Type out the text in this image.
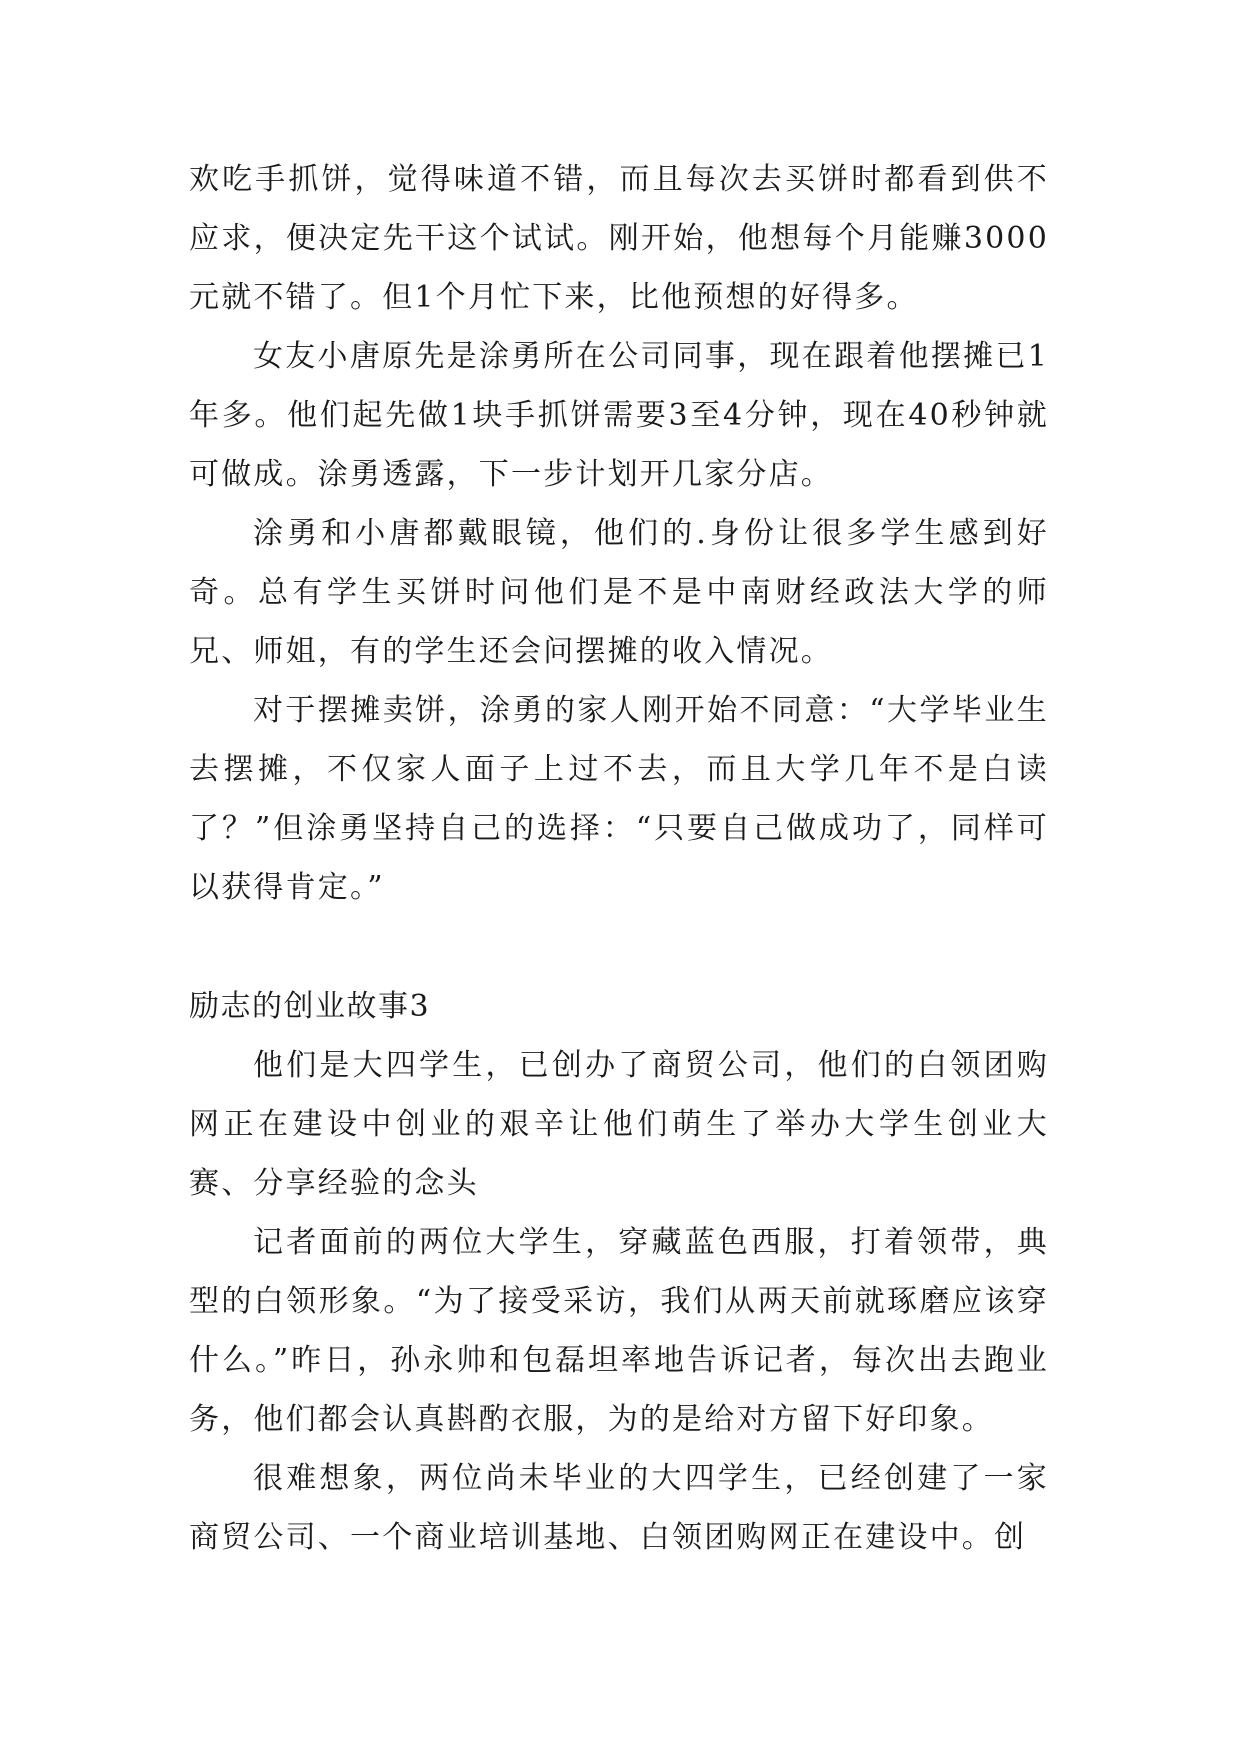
欢吃手抓饼，觉得味道不错，而且每次去买饼时都看到供不应求，便决定先干这个试试。刚开始，他想每个月能赚3000元就不错了。但1个月忙下来，比他预想的好得多。

女友小唐原先是涂勇所在公司同事，现在跟着他摆摊已1年多。他们起先做1块手抓饼需要3至4分钟，现在40秒钟就可做成。涂勇透露，下一步计划开几家分店。

涂勇和小唐都戴眼镜，他们的.身份让很多学生感到好奇。总有学生买饼时问他们是不是中南财经政法大学的师兄、师姐，有的学生还会问摆摊的收入情况。

对于摆摊卖饼，涂勇的家人刚开始不同意：“大学毕业生去摆摊，不仅家人面子上过不去，而且大学几年不是白读了？”但涂勇坚持自己的选择：“只要自己做成功了，同样可以获得肯定。”

励志的创业故事3

他们是大四学生，已创办了商贸公司，他们的白领团购网正在建设中创业的艰辛让他们萌生了举办大学生创业大赛、分享经验的念头

记者面前的两位大学生，穿藏蓝色西服，打着领带，典型的白领形象。“为了接受采访，我们从两天前就琢磨应该穿什么。”昨日，孙永帅和包磊坦率地告诉记者，每次出去跑业务，他们都会认真斟酌衣服，为的是给对方留下好印象。

很难想象，两位尚未毕业的大四学生，已经创建了一家商贸公司、一个商业培训基地、白领团购网正在建设中。创
